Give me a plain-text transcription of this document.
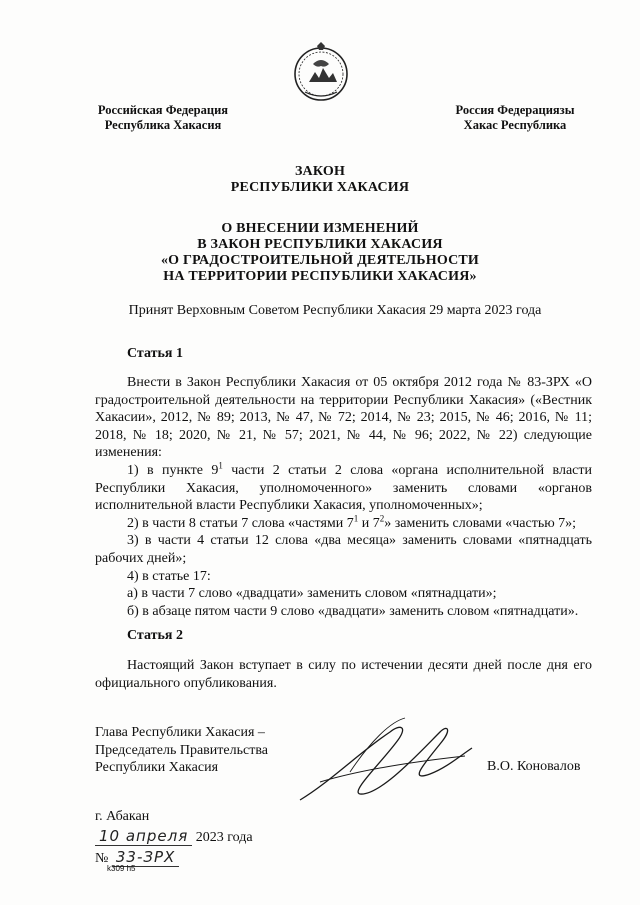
Российская Федерация
Республика Хакасия
Россия Федерациязы
Хакас Республика
ЗАКОН
РЕСПУБЛИКИ ХАКАСИЯ
О ВНЕСЕНИИ ИЗМЕНЕНИЙ
В ЗАКОН РЕСПУБЛИКИ ХАКАСИЯ
«О ГРАДОСТРОИТЕЛЬНОЙ ДЕЯТЕЛЬНОСТИ
НА ТЕРРИТОРИИ РЕСПУБЛИКИ ХАКАСИЯ»
Принят Верховным Советом Республики Хакасия 29 марта 2023 года
Статья 1

Внести в Закон Республики Хакасия от 05 октября 2012 года № 83-ЗРХ «О градостроительной деятельности на территории Республики Хакасия» («Вестник Хакасии», 2012, № 89; 2013, № 47, № 72; 2014, № 23; 2015, № 46; 2016, № 11; 2018, № 18; 2020, № 21, № 57; 2021, № 44, № 96; 2022, № 22) следующие изменения:

1) в пункте $9^1$ части 2 статьи 2 слова «органа исполнительной власти Республики Хакасия, уполномоченного» заменить словами «органов исполнительной власти Республики Хакасия, уполномоченных»;

2) в части 8 статьи 7 слова «частями $7^1$ и $7^2$» заменить словами «частью 7»;

3) в части 4 статьи 12 слова «два месяца» заменить словами «пятнадцать рабочих дней»;

4) в статье 17:

а) в части 7 слово «двадцати» заменить словом «пятнадцати»;

б) в абзаце пятом части 9 слово «двадцати» заменить словом «пятнадцати».

Статья 2

Настоящий Закон вступает в силу по истечении десяти дней после дня его официального опубликования.

Глава Республики Хакасия –
Председатель Правительства
Республики Хакасия	В.О. Коновалов
г. Абакан
10 апреля 2023 года
№ 33-ЗРХ
k309 h5
